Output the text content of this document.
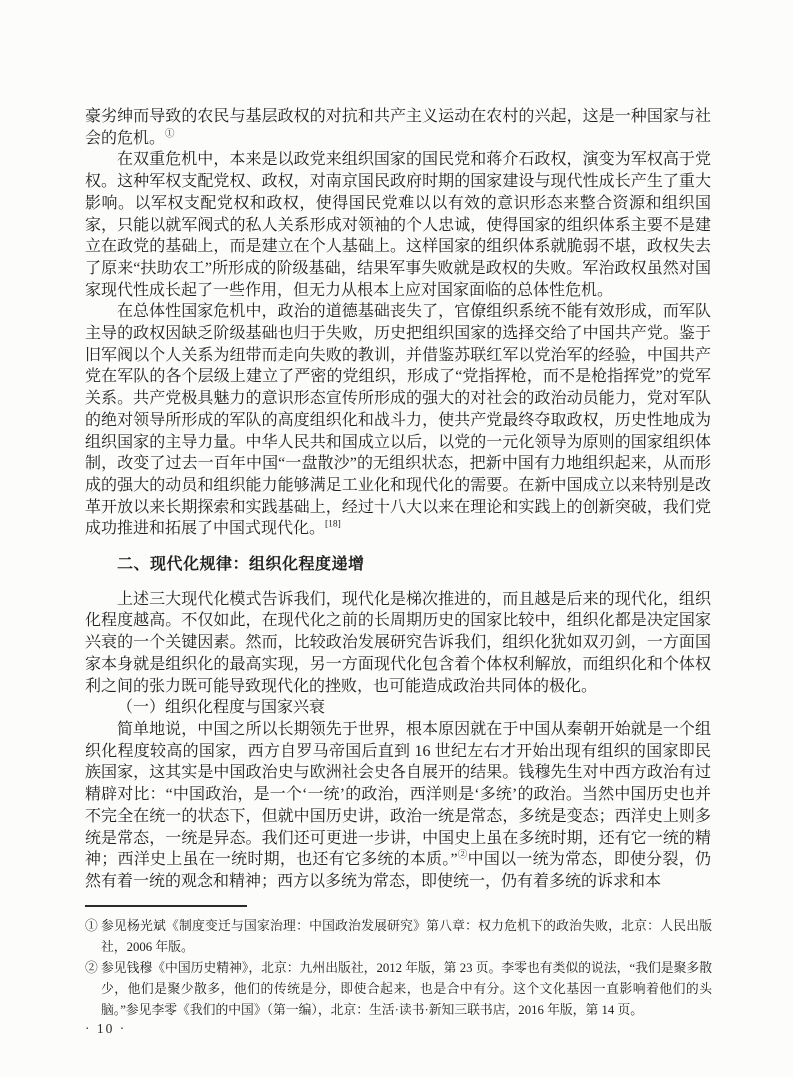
豪劣绅而导致的农民与基层政权的对抗和共产主义运动在农村的兴起，这是一种国家与社会的危机。①

在双重危机中，本来是以政党来组织国家的国民党和蒋介石政权，演变为军权高于党权。这种军权支配党权、政权，对南京国民政府时期的国家建设与现代性成长产生了重大影响。以军权支配党权和政权，使得国民党难以以有效的意识形态来整合资源和组织国家，只能以就军阀式的私人关系形成对领袖的个人忠诚，使得国家的组织体系主要不是建立在政党的基础上，而是建立在个人基础上。这样国家的组织体系就脆弱不堪，政权失去了原来“扶助农工”所形成的阶级基础，结果军事失败就是政权的失败。军治政权虽然对国家现代性成长起了一些作用，但无力从根本上应对国家面临的总体性危机。

在总体性国家危机中，政治的道德基础丧失了，官僚组织系统不能有效形成，而军队主导的政权因缺乏阶级基础也归于失败，历史把组织国家的选择交给了中国共产党。鉴于旧军阀以个人关系为纽带而走向失败的教训，并借鉴苏联红军以党治军的经验，中国共产党在军队的各个层级上建立了严密的党组织，形成了“党指挥枪，而不是枪指挥党”的党军关系。共产党极具魅力的意识形态宣传所形成的强大的对社会的政治动员能力，党对军队的绝对领导所形成的军队的高度组织化和战斗力，使共产党最终夺取政权，历史性地成为组织国家的主导力量。中华人民共和国成立以后，以党的一元化领导为原则的国家组织体制，改变了过去一百年中国“一盘散沙”的无组织状态，把新中国有力地组织起来，从而形成的强大的动员和组织能力能够满足工业化和现代化的需要。在新中国成立以来特别是改革开放以来长期探索和实践基础上，经过十八大以来在理论和实践上的创新突破，我们党成功推进和拓展了中国式现代化。[18]

二、现代化规律：组织化程度递增

上述三大现代化模式告诉我们，现代化是梯次推进的，而且越是后来的现代化，组织化程度越高。不仅如此，在现代化之前的长周期历史的国家比较中，组织化都是决定国家兴衰的一个关键因素。然而，比较政治发展研究告诉我们，组织化犹如双刃剑，一方面国家本身就是组织化的最高实现，另一方面现代化包含着个体权利解放，而组织化和个体权利之间的张力既可能导致现代化的挫败，也可能造成政治共同体的极化。

（一）组织化程度与国家兴衰

简单地说，中国之所以长期领先于世界，根本原因就在于中国从秦朝开始就是一个组织化程度较高的国家，西方自罗马帝国后直到 16 世纪左右才开始出现有组织的国家即民族国家，这其实是中国政治史与欧洲社会史各自展开的结果。钱穆先生对中西方政治有过精辟对比：“中国政治，是一个‘一统’的政治，西洋则是‘多统’的政治。当然中国历史也并不完全在统一的状态下，但就中国历史讲，政治一统是常态，多统是变态；西洋史上则多统是常态，一统是异态。我们还可更进一步讲，中国史上虽在多统时期，还有它一统的精神；西洋史上虽在一统时期，也还有它多统的本质。”②中国以一统为常态，即使分裂，仍然有着一统的观念和精神；西方以多统为常态，即使统一，仍有着多统的诉求和本

① 参见杨光斌《制度变迁与国家治理：中国政治发展研究》第八章：权力危机下的政治失败，北京：人民出版社，2006 年版。

② 参见钱穆《中国历史精神》，北京：九州出版社，2012 年版，第 23 页。李零也有类似的说法，“我们是聚多散少，他们是聚少散多，他们的传统是分，即使合起来，也是合中有分。这个文化基因一直影响着他们的头脑。”参见李零《我们的中国》（第一编），北京：生活·读书·新知三联书店，2016 年版，第 14 页。

· 10 ·
